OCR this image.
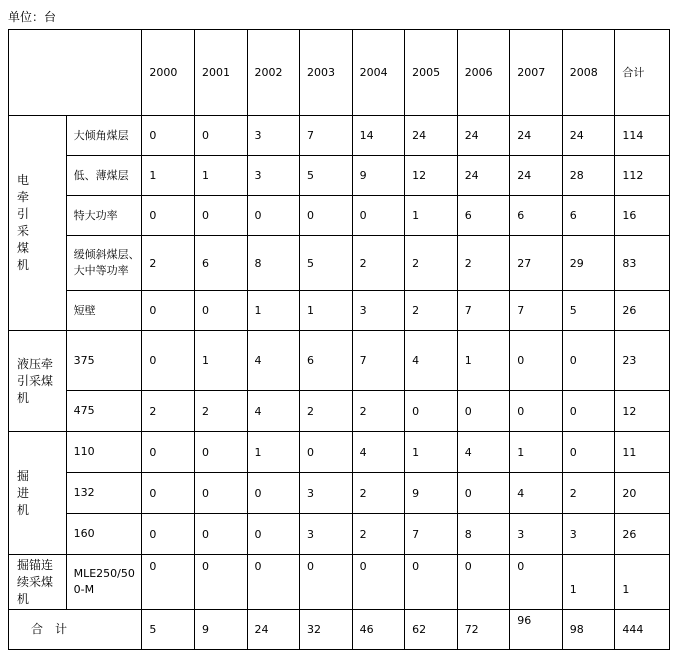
单位：台
		2000	2001	2002	2003	2004	2005	2006	2007	2008	合计
电牵引采煤机	大倾角煤层	0	0	3	7	14	24	24	24	24	114
	低、薄煤层	1	1	3	5	9	12	24	24	28	112
	特大功率	0	0	0	0	0	1	6	6	6	16
	缓倾斜煤层、大中等功率	2	6	8	5	2	2	2	27	29	83
	短壁	0	0	1	1	3	2	7	7	5	26
液压牵引采煤机	375	0	1	4	6	7	4	1	0	0	23
	475	2	2	4	2	2	0	0	0	0	12
掘进机	110	0	0	1	0	4	1	4	1	0	11
	132	0	0	0	3	2	9	0	4	2	20
	160	0	0	0	3	2	7	8	3	3	26
掘锚连续采煤机	MLE250/500-M	0	0	0	0	0	0	0	0	1	1
合　计		5	9	24	32	46	62	72	96	98	444
